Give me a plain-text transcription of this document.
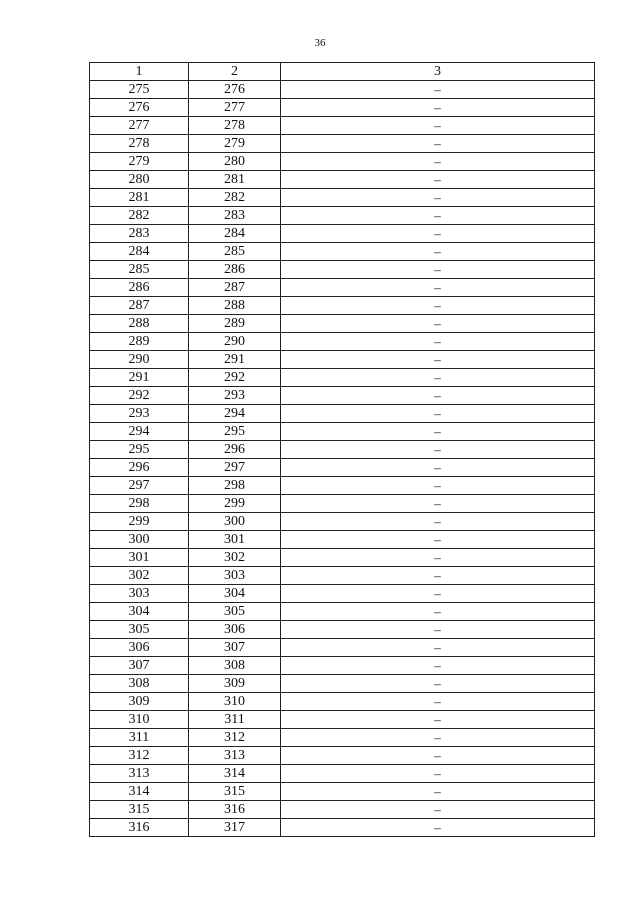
36
1	2	3
275	276	–
276	277	–
277	278	–
278	279	–
279	280	–
280	281	–
281	282	–
282	283	–
283	284	–
284	285	–
285	286	–
286	287	–
287	288	–
288	289	–
289	290	–
290	291	–
291	292	–
292	293	–
293	294	–
294	295	–
295	296	–
296	297	–
297	298	–
298	299	–
299	300	–
300	301	–
301	302	–
302	303	–
303	304	–
304	305	–
305	306	–
306	307	–
307	308	–
308	309	–
309	310	–
310	311	–
311	312	–
312	313	–
313	314	–
314	315	–
315	316	–
316	317	–
